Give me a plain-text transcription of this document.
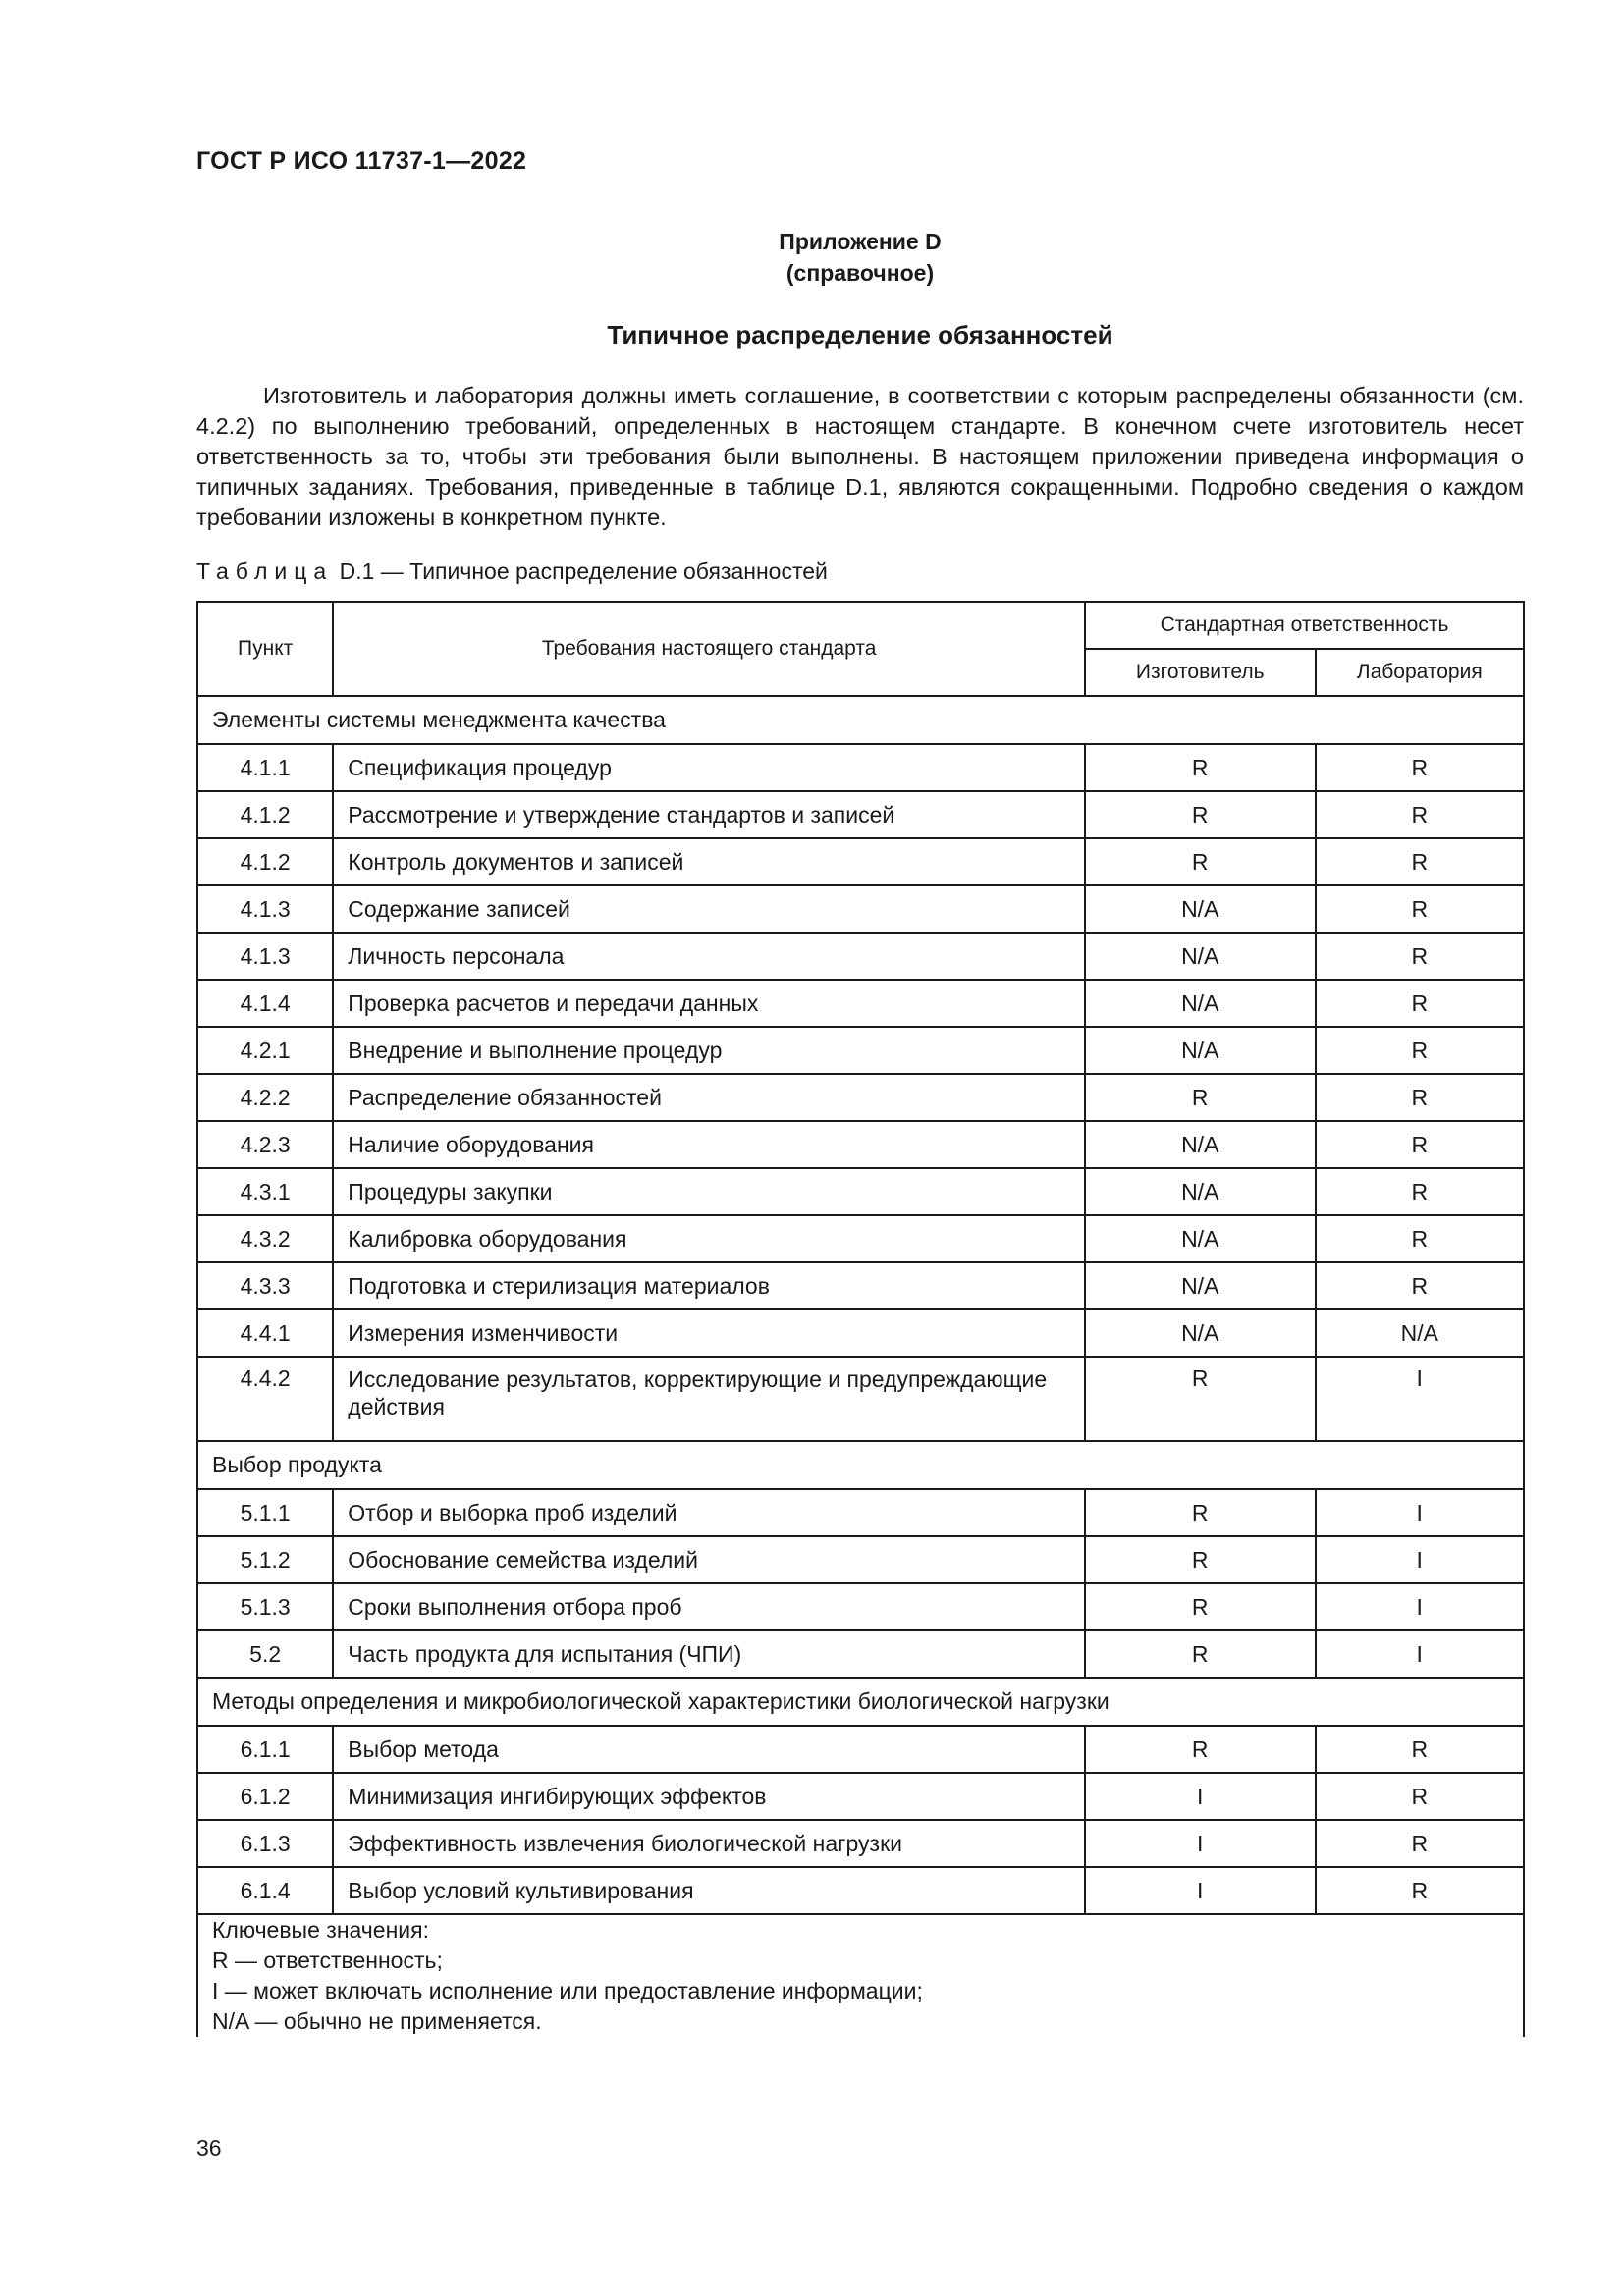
ГОСТ Р ИСО 11737-1—2022
Приложение D
(справочное)
Типичное распределение обязанностей

Изготовитель и лаборатория должны иметь соглашение, в соответствии с которым распределены обязанности (см. 4.2.2) по выполнению требований, определенных в настоящем стандарте. В конечном счете изготовитель несет ответственность за то, чтобы эти требования были выполнены. В настоящем приложении приведена информация о типичных заданиях. Требования, приведенные в таблице D.1, являются сокращенными. Подробно сведения о каждом требовании изложены в конкретном пункте.

Таблица D.1 — Типичное распределение обязанностей
Пункт	Требования настоящего стандарта	Стандартная ответственность	
		Изготовитель	Лаборатория
Элементы системы менеджмента качества			
4.1.1	Спецификация процедур	R	R
4.1.2	Рассмотрение и утверждение стандартов и записей	R	R
4.1.2	Контроль документов и записей	R	R
4.1.3	Содержание записей	N/A	R
4.1.3	Личность персонала	N/A	R
4.1.4	Проверка расчетов и передачи данных	N/A	R
4.2.1	Внедрение и выполнение процедур	N/A	R
4.2.2	Распределение обязанностей	R	R
4.2.3	Наличие оборудования	N/A	R
4.3.1	Процедуры закупки	N/A	R
4.3.2	Калибровка оборудования	N/A	R
4.3.3	Подготовка и стерилизация материалов	N/A	R
4.4.1	Измерения изменчивости	N/A	N/A
4.4.2	Исследование результатов, корректирующие и предупреждающие действия	R	I
Выбор продукта			
5.1.1	Отбор и выборка проб изделий	R	I
5.1.2	Обоснование семейства изделий	R	I
5.1.3	Сроки выполнения отбора проб	R	I
5.2	Часть продукта для испытания (ЧПИ)	R	I
Методы определения и микробиологической характеристики биологической нагрузки			
6.1.1	Выбор метода	R	R
6.1.2	Минимизация ингибирующих эффектов	I	R
6.1.3	Эффективность извлечения биологической нагрузки	I	R
6.1.4	Выбор условий культивирования	I	R

Ключевые значения:
R — ответственность;
I — может включать исполнение или предоставление информации;
N/A — обычно не применяется.			
36
